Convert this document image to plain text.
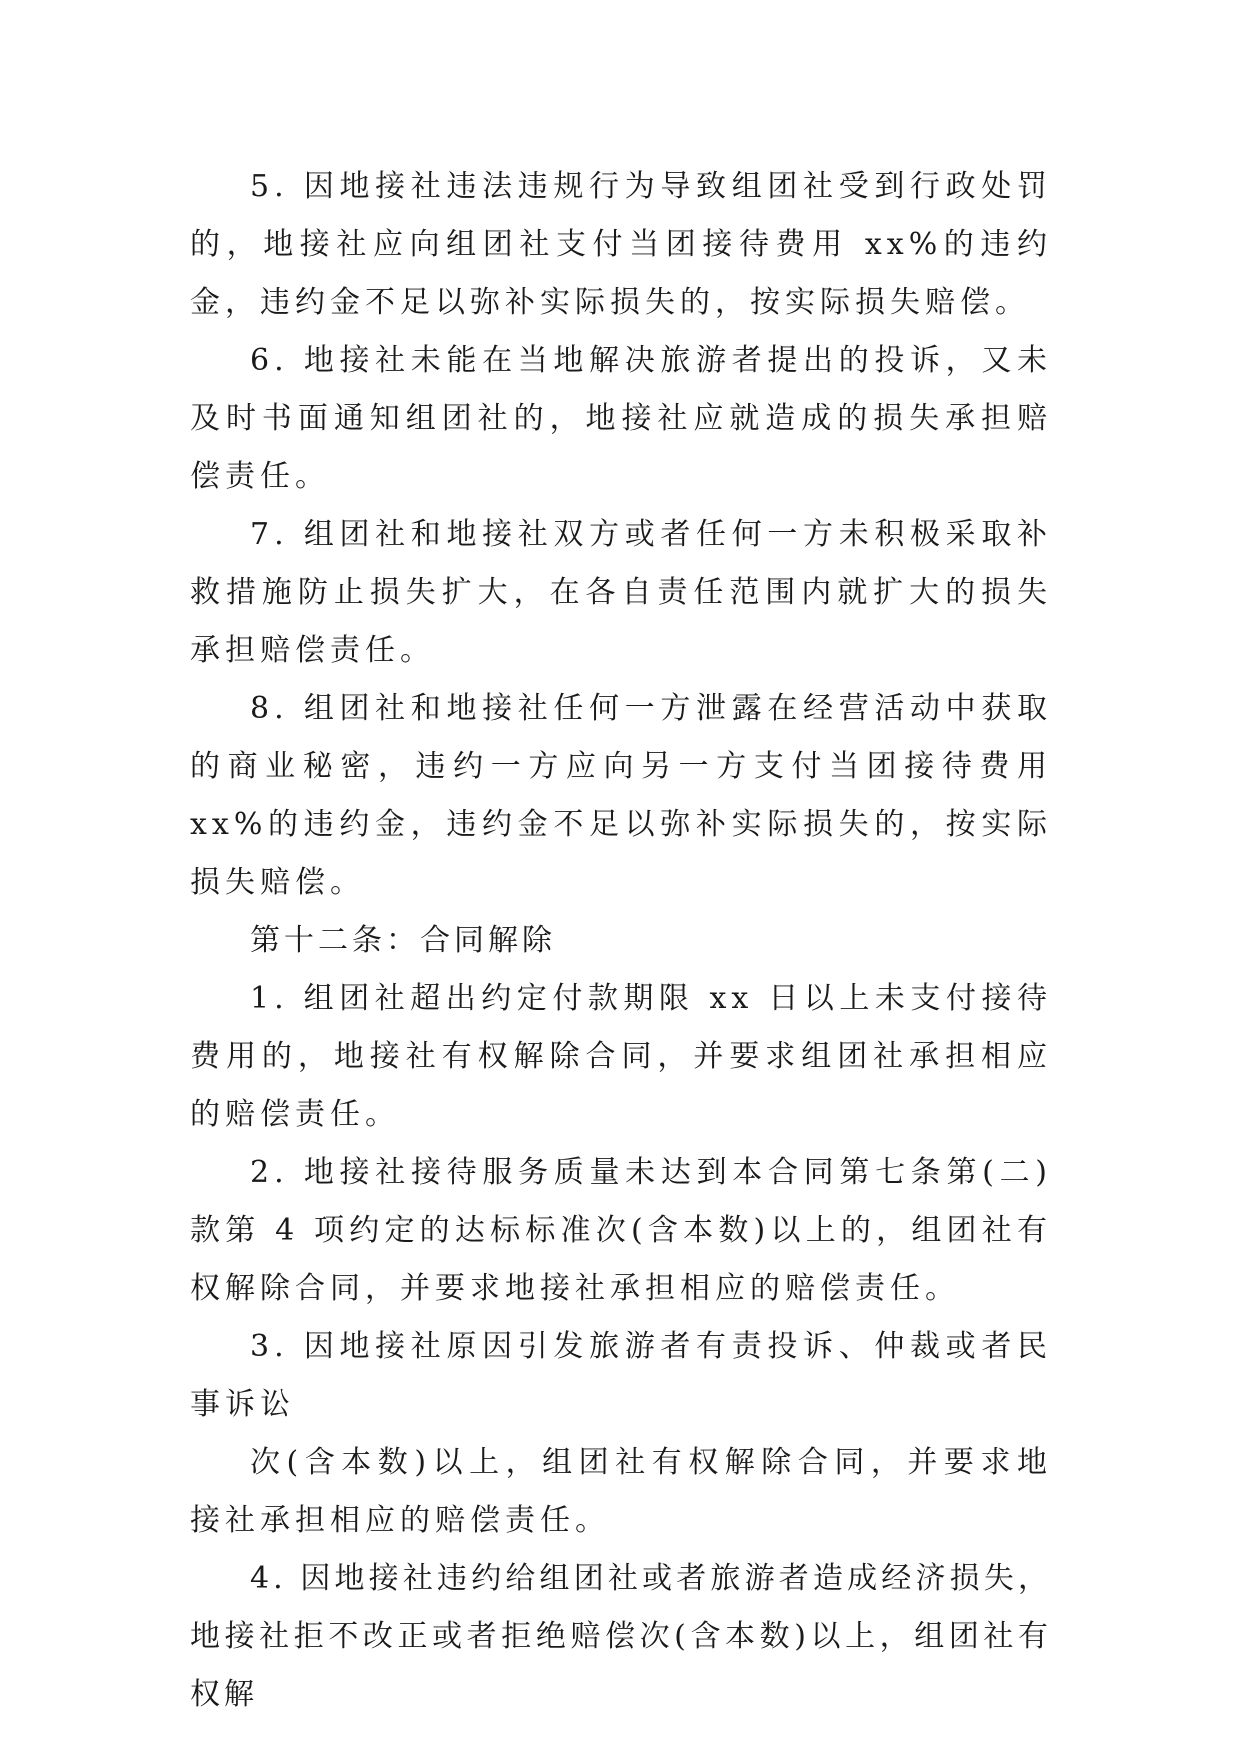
5. 因地接社违法违规行为导致组团社受到行政处罚的，地接社应向组团社支付当团接待费用 xx%的违约金，违约金不足以弥补实际损失的，按实际损失赔偿。

6. 地接社未能在当地解决旅游者提出的投诉，又未及时书面通知组团社的，地接社应就造成的损失承担赔偿责任。

7. 组团社和地接社双方或者任何一方未积极采取补救措施防止损失扩大，在各自责任范围内就扩大的损失承担赔偿责任。

8. 组团社和地接社任何一方泄露在经营活动中获取的商业秘密，违约一方应向另一方支付当团接待费用 xx%的违约金，违约金不足以弥补实际损失的，按实际损失赔偿。

第十二条：合同解除

1. 组团社超出约定付款期限 xx 日以上未支付接待费用的，地接社有权解除合同，并要求组团社承担相应的赔偿责任。

2. 地接社接待服务质量未达到本合同第七条第(二)款第 4 项约定的达标标准次(含本数)以上的，组团社有权解除合同，并要求地接社承担相应的赔偿责任。

3. 因地接社原因引发旅游者有责投诉、仲裁或者民事诉讼

次(含本数)以上，组团社有权解除合同，并要求地接社承担相应的赔偿责任。

4. 因地接社违约给组团社或者旅游者造成经济损失，地接社拒不改正或者拒绝赔偿次(含本数)以上，组团社有权解
